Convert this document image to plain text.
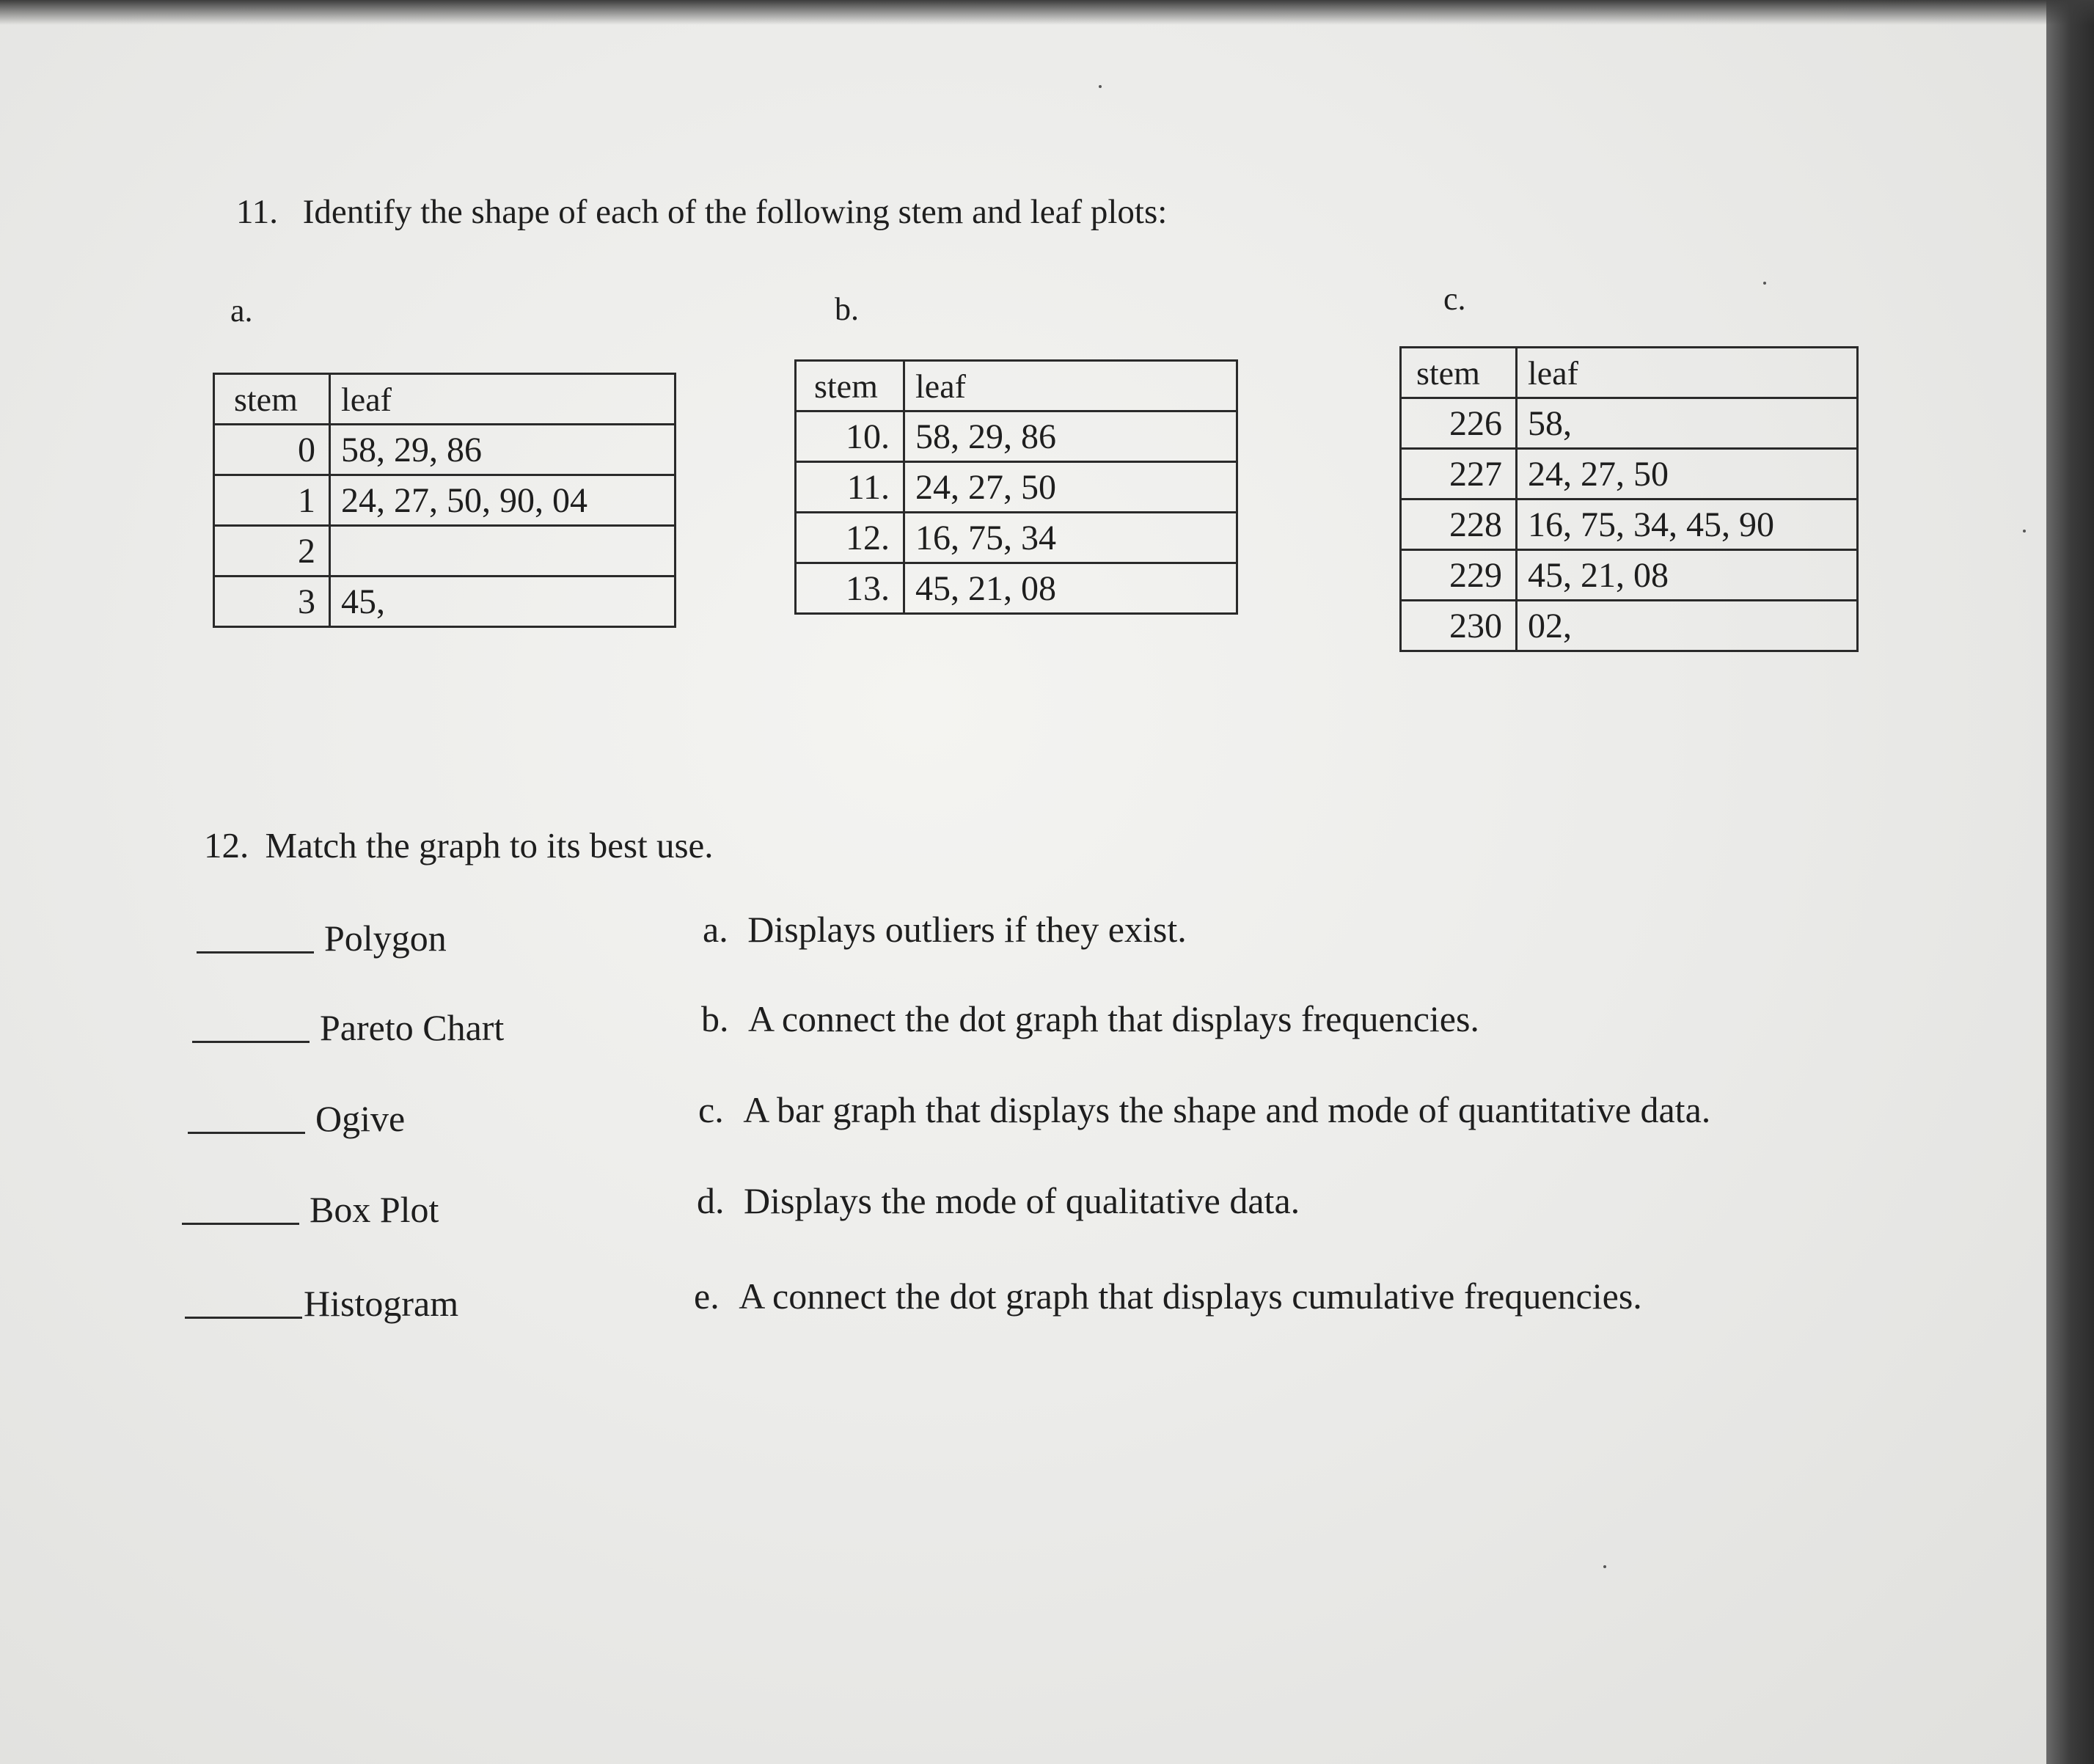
11. Identify the shape of each of the following stem and leaf plots:
a.
stem	leaf
0	58, 29, 86
1	24, 27, 50, 90, 04
2	
3	45,
b.
stem	leaf
10.	58, 29, 86
11.	24, 27, 50
12.	16, 75, 34
13.	45, 21, 08
c.
stem	leaf
226	58,
227	24, 27, 50
228	16, 75, 34, 45, 90
229	45, 21, 08
230	02,
12. Match the graph to its best use.
Polygon
Pareto Chart
Ogive
Box Plot
Histogram
a. Displays outliers if they exist.
b. A connect the dot graph that displays frequencies.
c. A bar graph that displays the shape and mode of quantitative data.
d. Displays the mode of qualitative data.
e. A connect the dot graph that displays cumulative frequencies.
